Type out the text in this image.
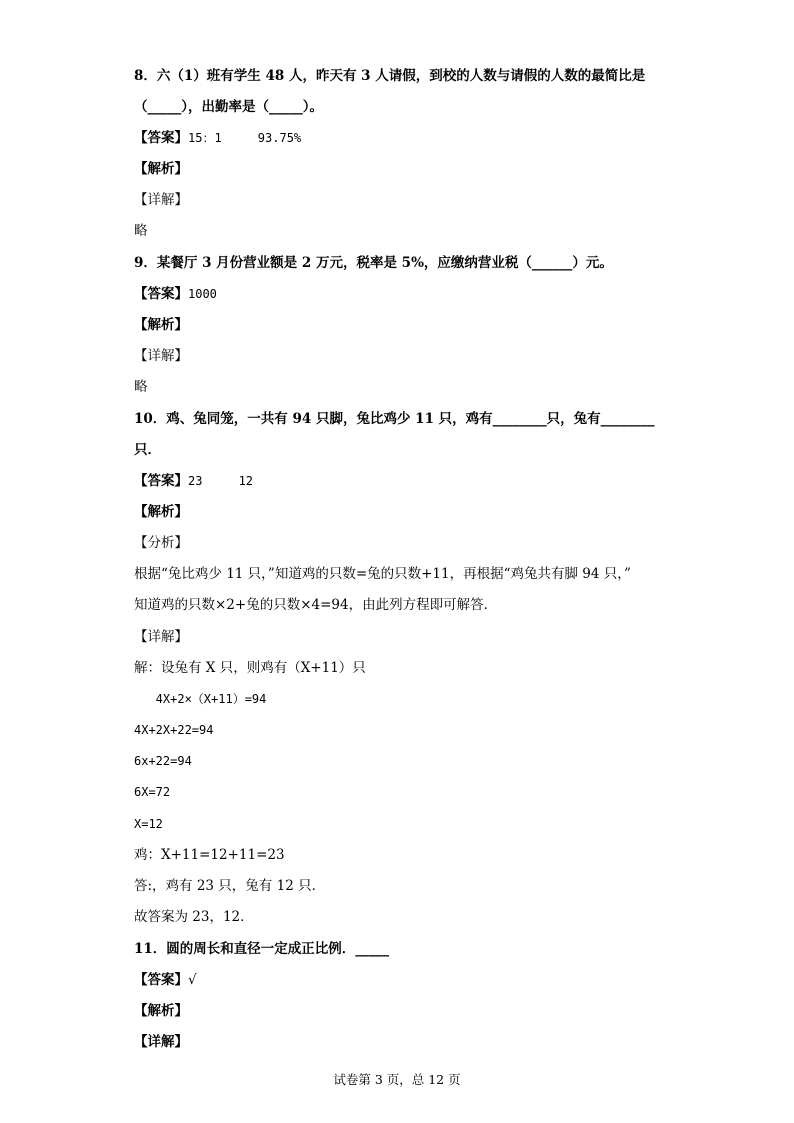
8．六（1）班有学生 48 人，昨天有 3 人请假，到校的人数与请假的人数的最简比是
（_____），出勤率是（_____）。
【答案】15：1     93.75%
【解析】
【详解】
略
9．某餐厅 3 月份营业额是 2 万元，税率是 5%，应缴纳营业税（______）元。
【答案】1000
【解析】
【详解】
略
10．鸡、兔同笼，一共有 94 只脚，兔比鸡少 11 只，鸡有________只，兔有________
只．
【答案】23     12
【解析】
【分析】
根据“兔比鸡少 11 只，”知道鸡的只数=兔的只数+11，再根据“鸡兔共有脚 94 只，”
知道鸡的只数×2+兔的只数×4=94，由此列方程即可解答．
【详解】
解：设兔有 X 只，则鸡有（X+11）只
4X+2×（X+11）=94
4X+2X+22=94
6x+22=94
6X=72
X=12
鸡：X+11=12+11=23
答:，鸡有 23 只，兔有 12 只．
故答案为 23，12．
11．圆的周长和直径一定成正比例．_____
【答案】√
【解析】
【详解】
试卷第 3 页，总 12 页
